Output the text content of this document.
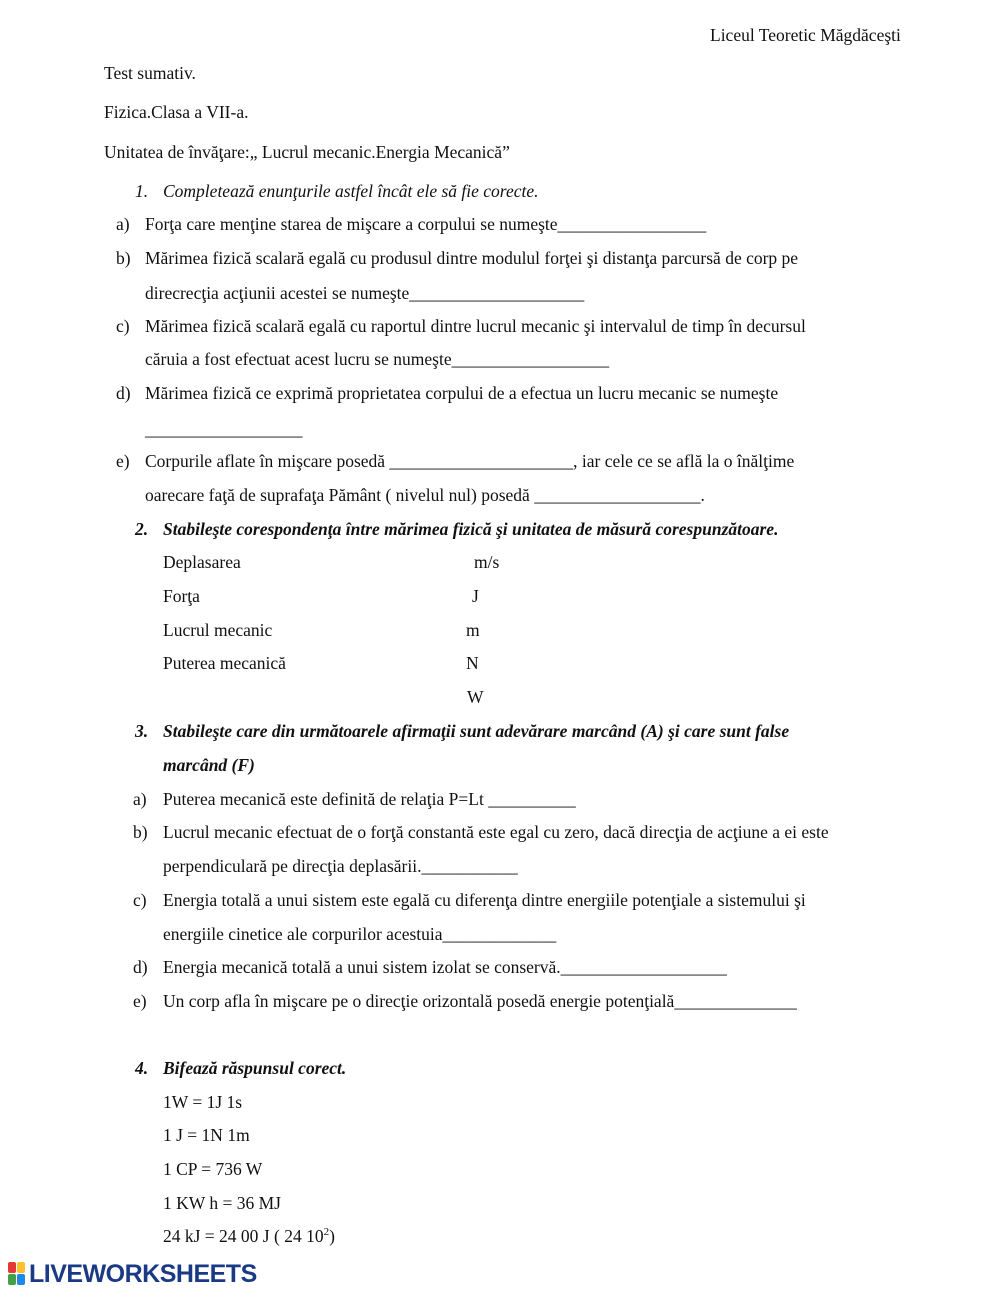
Liceul Teoretic Măgdăceşti
Test sumativ.
Fizica.Clasa a VII-a.
Unitatea de învăţare:„ Lucrul mecanic.Energia Mecanică”
1. Completează enunţurile astfel încât ele să fie corecte.
a) Forţa care menţine starea de mişcare a corpului se numeşte_________________
b) Mărimea fizică scalară egală cu produsul dintre modulul forţei şi distanţa parcursă de corp pe
direcrecţia acţiunii acestei se numeşte____________________
c) Mărimea fizică scalară egală cu raportul dintre lucrul mecanic şi intervalul de timp în decursul
căruia a fost efectuat acest lucru se numeşte__________________
d) Mărimea fizică ce exprimă proprietatea corpului de a efectua un lucru mecanic se numeşte
__________________
e) Corpurile aflate în mişcare posedă _____________________, iar cele ce se află la o înălţime
oarecare faţă de suprafaţa Pământ ( nivelul nul) posedă ___________________.
2. Stabileşte corespondenţa între mărimea fizică şi unitatea de măsură corespunzătoare.
Deplasarea
Forţa
Lucrul mecanic
Puterea mecanică
m/s
J
m
N
W
3. Stabileşte care din următoarele afirmaţii sunt adevărare marcând (A) şi care sunt false
marcând (F)
a) Puterea mecanică este definită de relaţia P=Lt __________
b) Lucrul mecanic efectuat de o forţă constantă este egal cu zero, dacă direcţia de acţiune a ei este
perpendiculară pe direcţia deplasării.___________
c) Energia totală a unui sistem este egală cu diferenţa dintre energiile potenţiale a sistemului şi
energiile cinetice ale corpurilor acestuia_____________
d) Energia mecanică totală a unui sistem izolat se conservă.___________________
e) Un corp afla în mişcare pe o direcţie orizontală posedă energie potenţială______________
4. Bifează răspunsul corect.
1W = 1J 1s
1 J = 1N 1m
1 CP = 736 W
1 KW h = 36 MJ
24 kJ = 24 00 J ( 24 $10^2$)
LIVEWORKSHEETS
